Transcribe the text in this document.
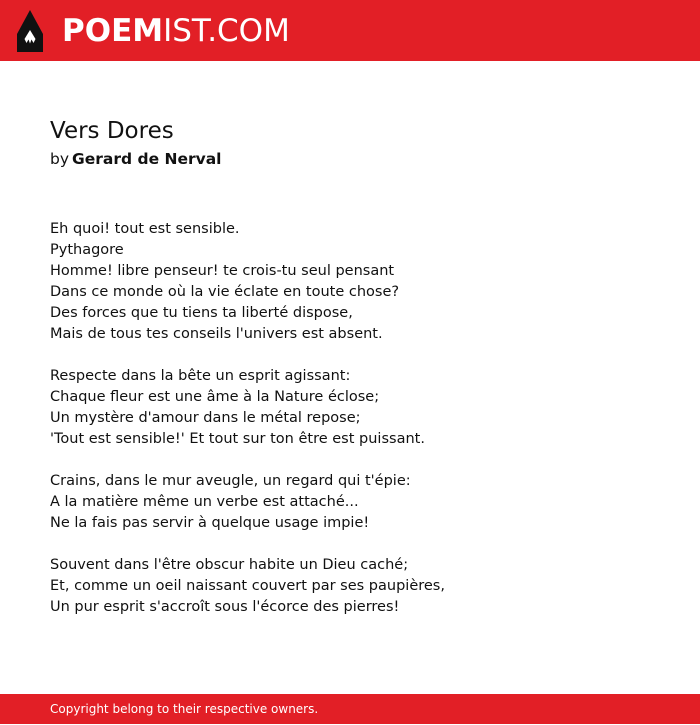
POEMIST.COM
Vers Dores
by Gerard de Nerval
Eh quoi! tout est sensible.
Pythagore
Homme! libre penseur! te crois-tu seul pensant
Dans ce monde où la vie éclate en toute chose?
Des forces que tu tiens ta liberté dispose,
Mais de tous tes conseils l'univers est absent.
Respecte dans la bête un esprit agissant:
Chaque fleur est une âme à la Nature éclose;
Un mystère d'amour dans le métal repose;
'Tout est sensible!' Et tout sur ton être est puissant.
Crains, dans le mur aveugle, un regard qui t'épie:
A la matière même un verbe est attaché...
Ne la fais pas servir à quelque usage impie!
Souvent dans l'être obscur habite un Dieu caché;
Et, comme un oeil naissant couvert par ses paupières,
Un pur esprit s'accroît sous l'écorce des pierres!
Copyright belong to their respective owners.
